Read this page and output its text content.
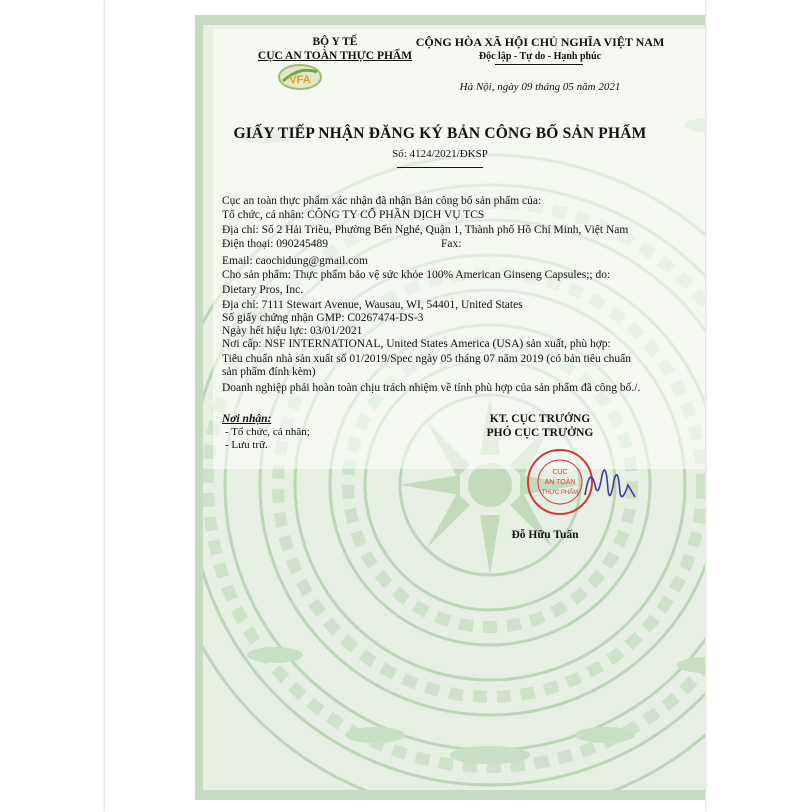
BỘ Y TẾ
CỤC AN TOÀN THỰC PHẨM
VFA
CỘNG HÒA XÃ HỘI CHỦ NGHĨA VIỆT NAM
Độc lập - Tự do - Hạnh phúc
Hà Nội, ngày 09 tháng 05 năm 2021
GIẤY TIẾP NHẬN ĐĂNG KÝ BẢN CÔNG BỐ SẢN PHẨM
Số: 4124/2021/ĐKSP
Cục an toàn thực phẩm xác nhận đã nhận Bản công bố sản phẩm của:
Tổ chức, cá nhân: CÔNG TY CỔ PHẦN DỊCH VỤ TCS
Địa chỉ: Số 2 Hải Triều, Phường Bến Nghé, Quận 1, Thành phố Hồ Chí Minh, Việt Nam
Điện thoại: 090245489	Fax:
Email: caochidung@gmail.com
Cho sản phẩm: Thực phẩm bảo vệ sức khỏe 100% American Ginseng Capsules;; do:
Dietary Pros, Inc.
Địa chỉ: 7111 Stewart Avenue, Wausau, WI, 54401, United States
Số giấy chứng nhận GMP: C0267474-DS-3
Ngày hết hiệu lực: 03/01/2021
Nơi cấp: NSF INTERNATIONAL, United States America (USA) sản xuất, phù hợp:
Tiêu chuẩn nhà sản xuất số 01/2019/Spec ngày 05 tháng 07 năm 2019 (có bản tiêu chuẩn
sản phẩm đính kèm)
Doanh nghiệp phải hoàn toàn chịu trách nhiệm về tính phù hợp của sản phẩm đã công bố./.
Nơi nhận:
- Tổ chức, cá nhân;
- Lưu trữ.
KT. CỤC TRƯỞNG
PHÓ CỤC TRƯỞNG
CỤC
AN TOÀN
THỰC PHẨM
Đỗ Hữu Tuấn
